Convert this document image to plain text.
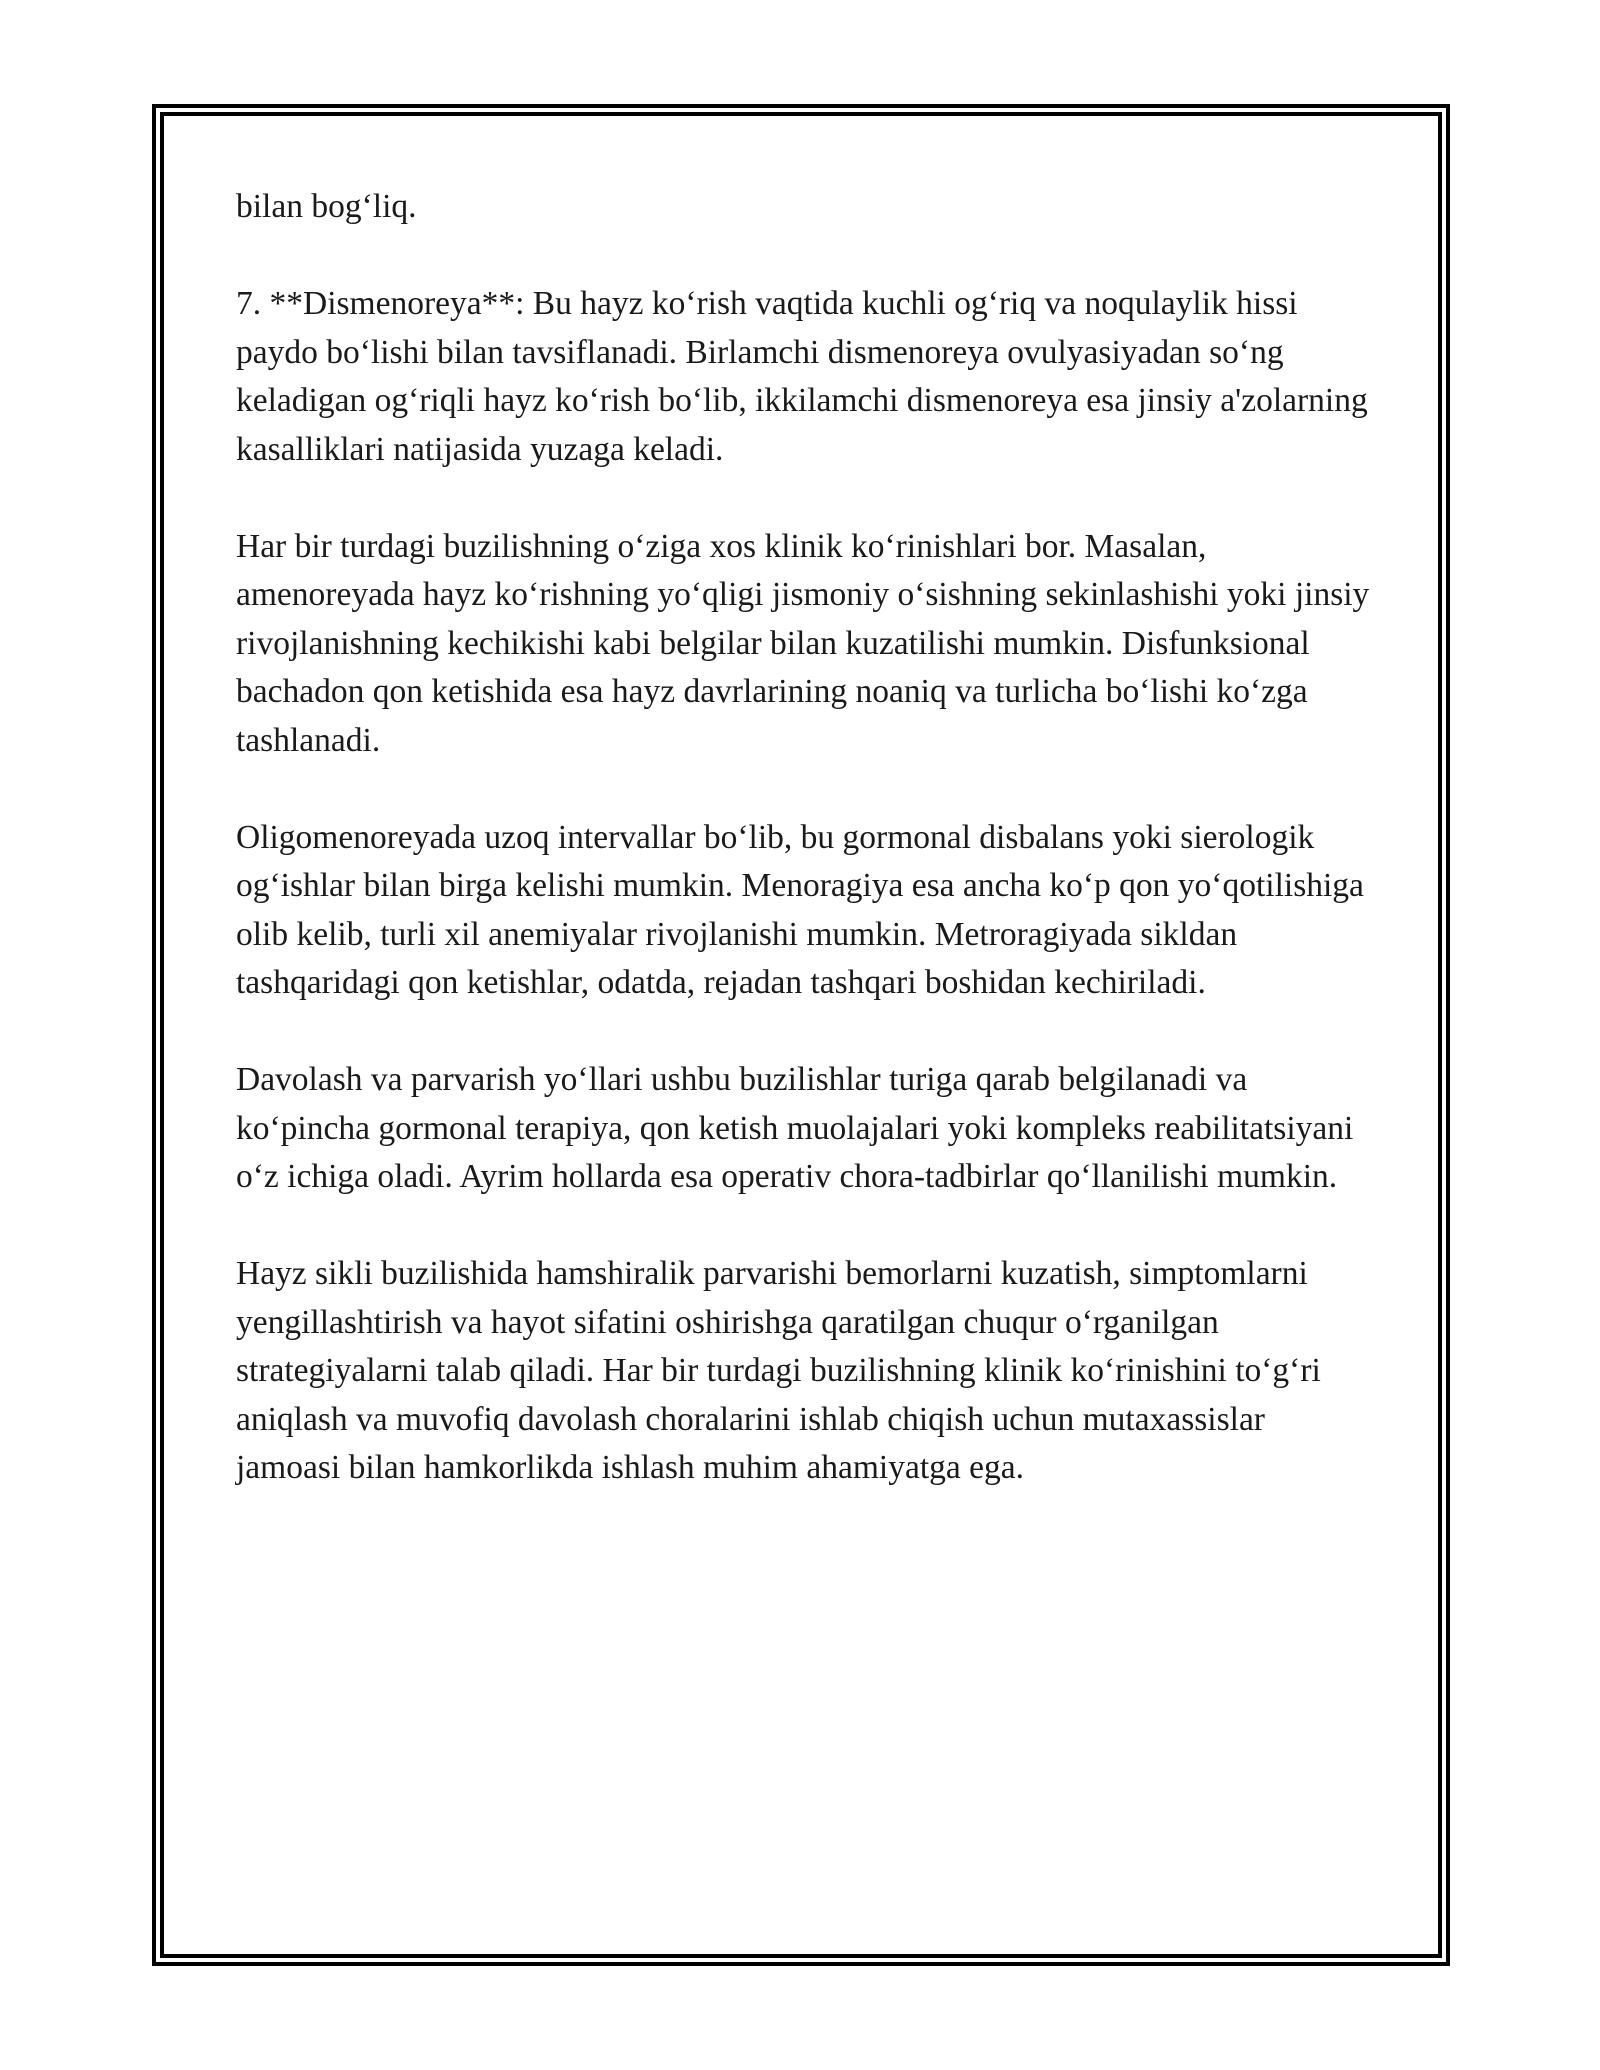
bilan bogʻliq.

7. **Dismenoreya**: Bu hayz koʻrish vaqtida kuchli ogʻriq va noqulaylik hissi paydo boʻlishi bilan tavsiflanadi. Birlamchi dismenoreya ovulyasiyadan soʻng keladigan ogʻriqli hayz koʻrish boʻlib, ikkilamchi dismenoreya esa jinsiy a'zolarning kasalliklari natijasida yuzaga keladi.

Har bir turdagi buzilishning oʻziga xos klinik koʻrinishlari bor. Masalan, amenoreyada hayz koʻrishning yoʻqligi jismoniy oʻsishning sekinlashishi yoki jinsiy rivojlanishning kechikishi kabi belgilar bilan kuzatilishi mumkin. Disfunksional bachadon qon ketishida esa hayz davrlarining noaniq va turlicha boʻlishi koʻzga tashlanadi.

Oligomenoreyada uzoq intervallar boʻlib, bu gormonal disbalans yoki sierologik ogʻishlar bilan birga kelishi mumkin. Menoragiya esa ancha koʻp qon yoʻqotilishiga olib kelib, turli xil anemiyalar rivojlanishi mumkin. Metroragiyada sikldan tashqaridagi qon ketishlar, odatda, rejadan tashqari boshidan kechiriladi.

Davolash va parvarish yoʻllari ushbu buzilishlar turiga qarab belgilanadi va koʻpincha gormonal terapiya, qon ketish muolajalari yoki kompleks reabilitatsiyani oʻz ichiga oladi. Ayrim hollarda esa operativ chora-tadbirlar qoʻllanilishi mumkin.

Hayz sikli buzilishida hamshiralik parvarishi bemorlarni kuzatish, simptomlarni yengillashtirish va hayot sifatini oshirishga qaratilgan chuqur oʻrganilgan strategiyalarni talab qiladi. Har bir turdagi buzilishning klinik koʻrinishini toʻgʻri aniqlash va muvofiq davolash choralarini ishlab chiqish uchun mutaxassislar jamoasi bilan hamkorlikda ishlash muhim ahamiyatga ega.
